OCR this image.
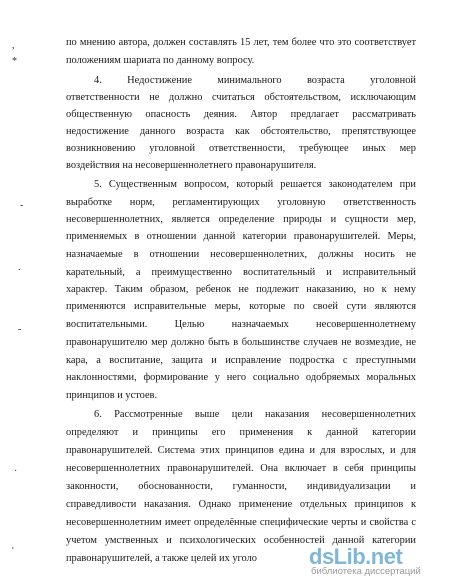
,
*
-
.
-
·
'
по мнению автора, должен составлять 15 лет, тем более что это соответствует
положениям шариата по данному вопросу.
4. Недостижение минимального возраста уголовной
ответственности не должно считаться обстоятельством, исключающим
общественную опасность деяния. Автор предлагает рассматривать
недостижение данного возраста как обстоятельство, препятствующее
возникновению уголовной ответственности, требующее иных мер
воздействия на несовершеннолетнего правонарушителя.
5. Существенным вопросом, который решается законодателем при
выработке норм, регламентирующих уголовную ответственность
несовершеннолетних, является определение природы и сущности мер,
применяемых в отношении данной категории правонарушителей. Меры,
назначаемые в отношении несовершеннолетних, должны носить не
карательный, а преимущественно воспитательный и исправительный
характер. Таким образом, ребенок не подлежит наказанию, но к нему
применяются исправительные меры, которые по своей сути являются
воспитательными. Целью назначаемых несовершеннолетнему
правонарушителю мер должно быть в большинстве случаев не возмездие, не
кара, а воспитание, защита и исправление подростка с преступными
наклонностями, формирование у него социально одобряемых моральных
принципов и устоев.
6. Рассмотренные выше цели наказания несовершеннолетних
определяют и принципы его применения к данной категории
правонарушителей. Система этих принципов едина и для взрослых, и для
несовершеннолетних правонарушителей. Она включает в себя принципы
законности, обоснованности, гуманности, индивидуализации и
справедливости наказания. Однако применение отдельных принципов к
несовершеннолетним имеет определённые специфические черты и свойства с
учетом умственных и психологических особенностей данной категории
правонарушителей, а также целей их уголо	dsLib.net
библиотека диссертаций
